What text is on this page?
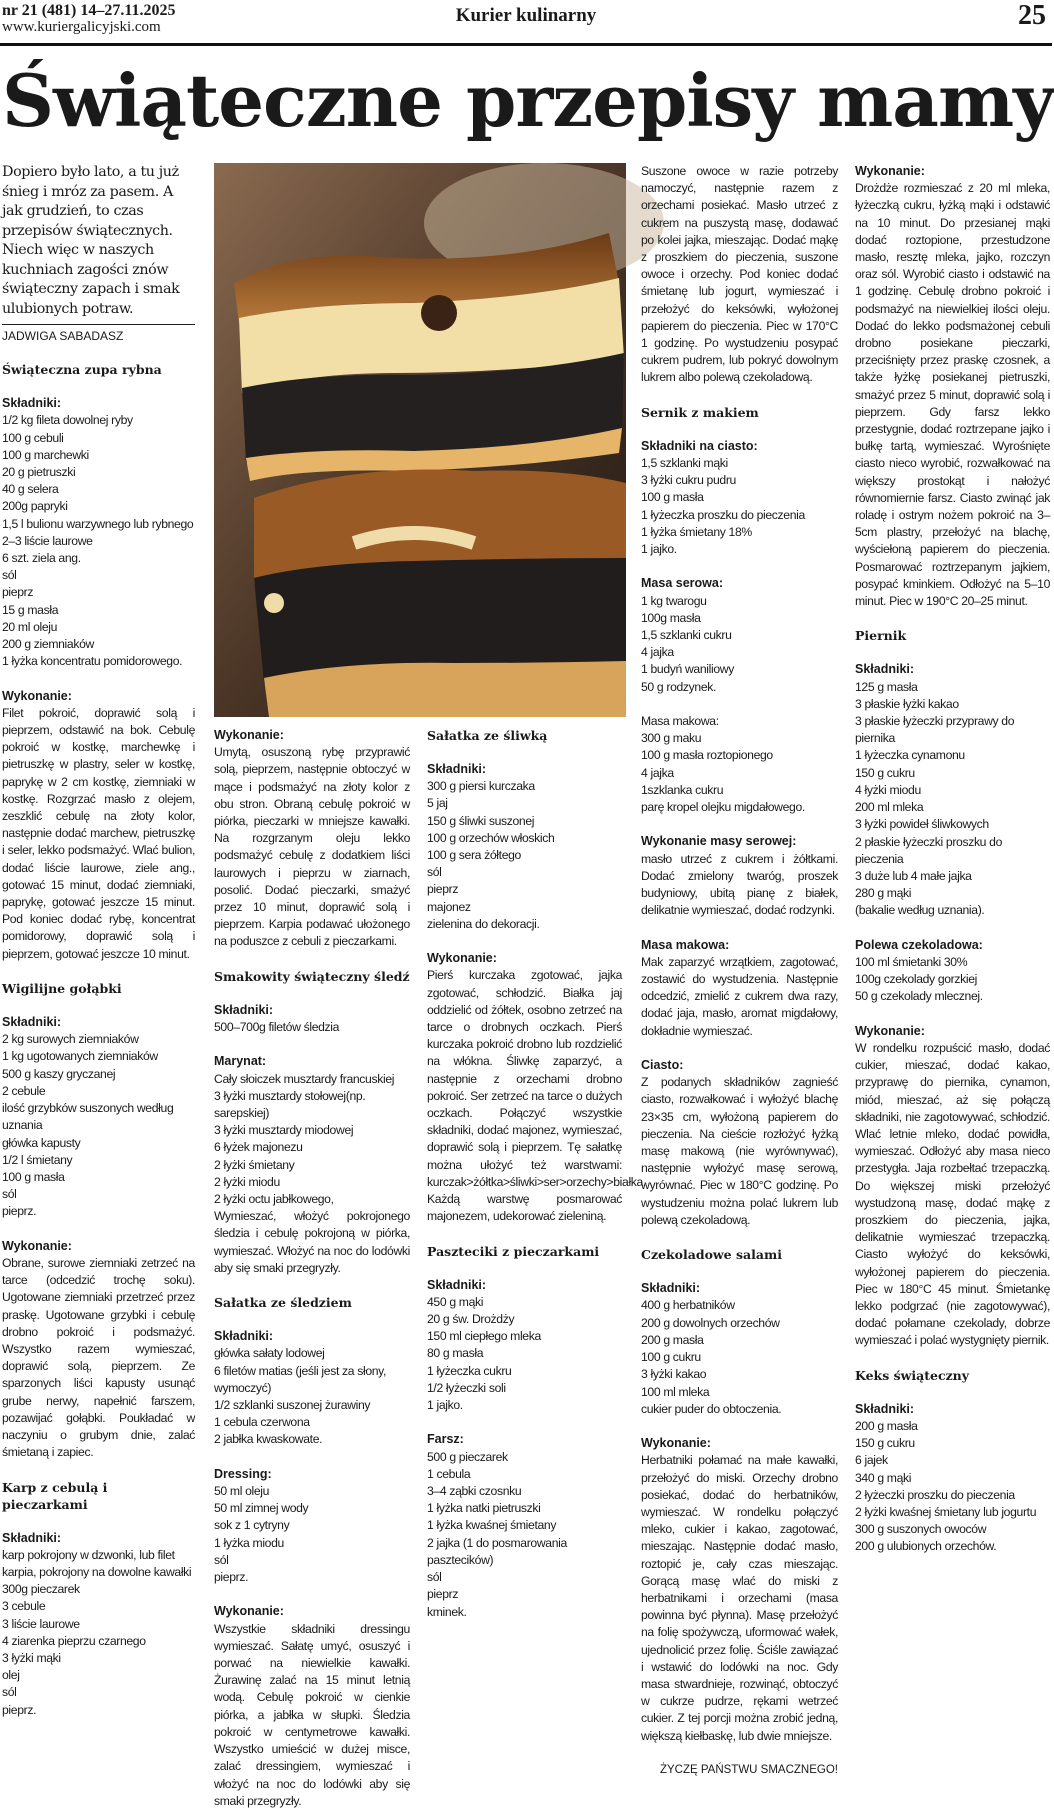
nr 21 (481) 14–27.11.2025
www.kuriergalicyjski.com
Kurier kulinarny	25
Świąteczne przepisy mamy

Dopiero było lato, a tu już śnieg i mróz za pasem. A jak grudzień, to czas przepisów świątecznych. Niech więc w naszych kuchniach zagości znów świąteczny zapach i smak ulubionych potraw.

JADWIGA SABADASZ
Świąteczna zupa rybna
Składniki:
1/2 kg fileta dowolnej ryby
100 g cebuli
100 g marchewki
20 g pietruszki
40 g selera
200g papryki
1,5 l bulionu warzywnego lub rybnego
2–3 liście laurowe
6 szt. ziela ang.
sól
pieprz
15 g masła
20 ml oleju
200 g ziemniaków
1 łyżka koncentratu pomidorowego.
Wykonanie:

Filet pokroić, doprawić solą i pieprzem, odstawić na bok. Cebulę pokroić w kostkę, marchewkę i pietruszkę w plastry, seler w kostkę, paprykę w 2 cm kostkę, ziemniaki w kostkę. Rozgrzać masło z olejem, zeszklić cebulę na złoty kolor, następnie dodać marchew, pietruszkę i seler, lekko podsmażyć. Wlać bulion, dodać liście laurowe, ziele ang., gotować 15 minut, dodać ziemniaki, paprykę, gotować jeszcze 15 minut. Pod koniec dodać rybę, koncentrat pomidorowy, doprawić solą i pieprzem, gotować jeszcze 10 minut.

Wigilijne gołąbki
Składniki:
2 kg surowych ziemniaków
1 kg ugotowanych ziemniaków
500 g kaszy gryczanej
2 cebule
ilość grzybków suszonych według uznania
główka kapusty
1/2 l śmietany
100 g masła
sól
pieprz.
Wykonanie:

Obrane, surowe ziemniaki zetrzeć na tarce (odcedzić trochę soku). Ugotowane ziemniaki przetrzeć przez praskę. Ugotowane grzybki i cebulę drobno pokroić i podsmażyć. Wszystko razem wymieszać, doprawić solą, pieprzem. Ze sparzonych liści kapusty usunąć grube nerwy, napełnić farszem, pozawijać gołąbki. Poukładać w naczyniu o grubym dnie, zalać śmietaną i zapiec.

Karp z cebulą i pieczarkami
Składniki:
karp pokrojony w dzwonki, lub filet karpia, pokrojony na dowolne kawałki
300g pieczarek
3 cebule
3 liście laurowe
4 ziarenka pieprzu czarnego
3 łyżki mąki
olej
sól
pieprz.
Wykonanie:

Umytą, osuszoną rybę przyprawić solą, pieprzem, następnie obtoczyć w mące i podsmażyć na złoty kolor z obu stron. Obraną cebulę pokroić w piórka, pieczarki w mniejsze kawałki. Na rozgrzanym oleju lekko podsmażyć cebulę z dodatkiem liści laurowych i pieprzu w ziarnach, posolić. Dodać pieczarki, smażyć przez 10 minut, doprawić solą i pieprzem. Karpia podawać ułożonego na poduszce z cebuli z pieczarkami.

Smakowity świąteczny śledź
Składniki:
500–700g filetów śledzia
Marynat:
Cały słoiczek musztardy francuskiej
3 łyżki musztardy stołowej(np. sarepskiej)
3 łyżki musztardy miodowej
6 łyżek majonezu
2 łyżki śmietany
2 łyżki miodu
2 łyżki octu jabłkowego,

Wymieszać, włożyć pokrojonego śledzia i cebulę pokrojoną w piórka, wymieszać. Włożyć na noc do lodówki aby się smaki przegryzły.

Sałatka ze śledziem
Składniki:
główka sałaty lodowej
6 filetów matias (jeśli jest za słony, wymoczyć)
1/2 szklanki suszonej żurawiny
1 cebula czerwona
2 jabłka kwaskowate.
Dressing:
50 ml oleju
50 ml zimnej wody
sok z 1 cytryny
1 łyżka miodu
sól
pieprz.
Wykonanie:

Wszystkie składniki dressingu wymieszać. Sałatę umyć, osuszyć i porwać na niewielkie kawałki. Żurawinę zalać na 15 minut letnią wodą. Cebulę pokroić w cienkie piórka, a jabłka w słupki. Śledzia pokroić w centymetrowe kawałki. Wszystko umieścić w dużej misce, zalać dressingiem, wymieszać i włożyć na noc do lodówki aby się smaki przegryzły.

Suszone owoce w razie potrzeby namoczyć, następnie razem z orzechami posiekać. Masło utrzeć z cukrem na puszystą masę, dodawać po kolei jajka, mieszając. Dodać mąkę z proszkiem do pieczenia, suszone owoce i orzechy. Pod koniec dodać śmietanę lub jogurt, wymieszać i przełożyć do keksówki, wyłożonej papierem do pieczenia. Piec w 170°C 1 godzinę. Po wystudzeniu posypać cukrem pudrem, lub pokryć dowolnym lukrem albo polewą czekoladową.

Sernik z makiem
Składniki na ciasto:
1,5 szklanki mąki
3 łyżki cukru pudru
100 g masła
1 łyżeczka proszku do pieczenia
1 łyżka śmietany 18%
1 jajko.
Masa serowa:
1 kg twarogu
100g masła
1,5 szklanki cukru
4 jajka
1 budyń waniliowy
50 g rodzynek.
Masa makowa:
300 g maku
100 g masła roztopionego
4 jajka
1szklanka cukru
parę kropel olejku migdałowego.
Wykonanie masy serowej:

masło utrzeć z cukrem i żółtkami. Dodać zmielony twaróg, proszek budyniowy, ubitą pianę z białek, delikatnie wymieszać, dodać rodzynki.

Masa makowa:

Mak zaparzyć wrzątkiem, zagotować, zostawić do wystudzenia. Następnie odcedzić, zmielić z cukrem dwa razy, dodać jaja, masło, aromat migdałowy, dokładnie wymieszać.

Ciasto:

Z podanych składników zagnieść ciasto, rozwałkować i wyłożyć blachę 23×35 cm, wyłożoną papierem do pieczenia. Na cieście rozłożyć łyżką masę makową (nie wyrównywać), następnie wyłożyć masę serową, wyrównać. Piec w 180°C godzinę. Po wystudzeniu można polać lukrem lub polewą czekoladową.

Czekoladowe salami
Składniki:
400 g herbatników
200 g dowolnych orzechów
200 g masła
100 g cukru
3 łyżki kakao
100 ml mleka
cukier puder do obtoczenia.
Wykonanie:

Herbatniki połamać na małe kawałki, przełożyć do miski. Orzechy drobno posiekać, dodać do herbatników, wymieszać. W rondelku połączyć mleko, cukier i kakao, zagotować, mieszając. Następnie dodać masło, roztopić je, cały czas mieszając. Gorącą masę wlać do miski z herbatnikami i orzechami (masa powinna być płynna). Masę przełożyć na folię spożywczą, uformować wałek, ujednolicić przez folię. Ściśle zawiązać i wstawić do lodówki na noc. Gdy masa stwardnieje, rozwinąć, obtoczyć w cukrze pudrze, rękami wetrzeć cukier. Z tej porcji można zrobić jedną, większą kiełbaskę, lub dwie mniejsze.

ŻYCZĘ PAŃSTWU SMACZNEGO!
Sałatka ze śliwką
Składniki:
300 g piersi kurczaka
5 jaj
150 g śliwki suszonej
100 g orzechów włoskich
100 g sera żółtego
sól
pieprz
majonez
zielenina do dekoracji.
Wykonanie:

Pierś kurczaka zgotować, jajka zgotować, schłodzić. Białka jaj oddzielić od żółtek, osobno zetrzeć na tarce o drobnych oczkach. Pierś kurczaka pokroić drobno lub rozdzielić na włókna. Śliwkę zaparzyć, a następnie z orzechami drobno pokroić. Ser zetrzeć na tarce o dużych oczkach. Połączyć wszystkie składniki, dodać majonez, wymieszać, doprawić solą i pieprzem. Tę sałatkę można ułożyć też warstwami: kurczak>żółtka>śliwki>ser>orzechy>białka. Każdą warstwę posmarować majonezem, udekorować zieleniną.

Paszteciki z pieczarkami
Składniki:
450 g mąki
20 g św. Drożdży
150 ml ciepłego mleka
80 g masła
1 łyżeczka cukru
1/2 łyżeczki soli
1 jajko.
Farsz:
500 g pieczarek
1 cebula
3–4 ząbki czosnku
1 łyżka natki pietruszki
1 łyżka kwaśnej śmietany
2 jajka (1 do posmarowania pasztecików)
sól
pieprz
kminek.
Wykonanie:

Drożdże rozmieszać z 20 ml mleka, łyżeczką cukru, łyżką mąki i odstawić na 10 minut. Do przesianej mąki dodać roztopione, przestudzone masło, resztę mleka, jajko, rozczyn oraz sól. Wyrobić ciasto i odstawić na 1 godzinę. Cebulę drobno pokroić i podsmażyć na niewielkiej ilości oleju. Dodać do lekko podsmażonej cebuli drobno posiekane pieczarki, przeciśnięty przez praskę czosnek, a także łyżkę posiekanej pietruszki, smażyć przez 5 minut, doprawić solą i pieprzem. Gdy farsz lekko przestygnie, dodać roztrzepane jajko i bułkę tartą, wymieszać. Wyrośnięte ciasto nieco wyrobić, rozwałkować na większy prostokąt i nałożyć równomiernie farsz. Ciasto zwinąć jak roladę i ostrym nożem pokroić na 3–5cm plastry, przełożyć na blachę, wyściełoną papierem do pieczenia. Posmarować roztrzepanym jajkiem, posypać kminkiem. Odłożyć na 5–10 minut. Piec w 190°C 20–25 minut.

Piernik
Składniki:
125 g masła
3 płaskie łyżki kakao
3 płaskie łyżeczki przyprawy do piernika
1 łyżeczka cynamonu
150 g cukru
4 łyżki miodu
200 ml mleka
3 łyżki powideł śliwkowych
2 płaskie łyżeczki proszku do pieczenia
3 duże lub 4 małe jajka
280 g mąki
(bakalie według uznania).
Polewa czekoladowa:
100 ml śmietanki 30%
100g czekolady gorzkiej
50 g czekolady mlecznej.
Wykonanie:

W rondelku rozpuścić masło, dodać cukier, mieszać, dodać kakao, przyprawę do piernika, cynamon, miód, mieszać, aż się połączą składniki, nie zagotowywać, schłodzić. Wlać letnie mleko, dodać powidła, wymieszać. Odłożyć aby masa nieco przestygła. Jaja rozbełtać trzepaczką. Do większej miski przełożyć wystudzoną masę, dodać mąkę z proszkiem do pieczenia, jajka, delikatnie wymieszać trzepaczką. Ciasto wyłożyć do keksówki, wyłożonej papierem do pieczenia. Piec w 180°C 45 minut. Śmietankę lekko podgrzać (nie zagotowywać), dodać połamane czekolady, dobrze wymieszać i polać wystygnięty piernik.

Keks świąteczny
Składniki:
200 g masła
150 g cukru
6 jajek
340 g mąki
2 łyżeczki proszku do pieczenia
2 łyżki kwaśnej śmietany lub jogurtu
300 g suszonych owoców
200 g ulubionych orzechów.
